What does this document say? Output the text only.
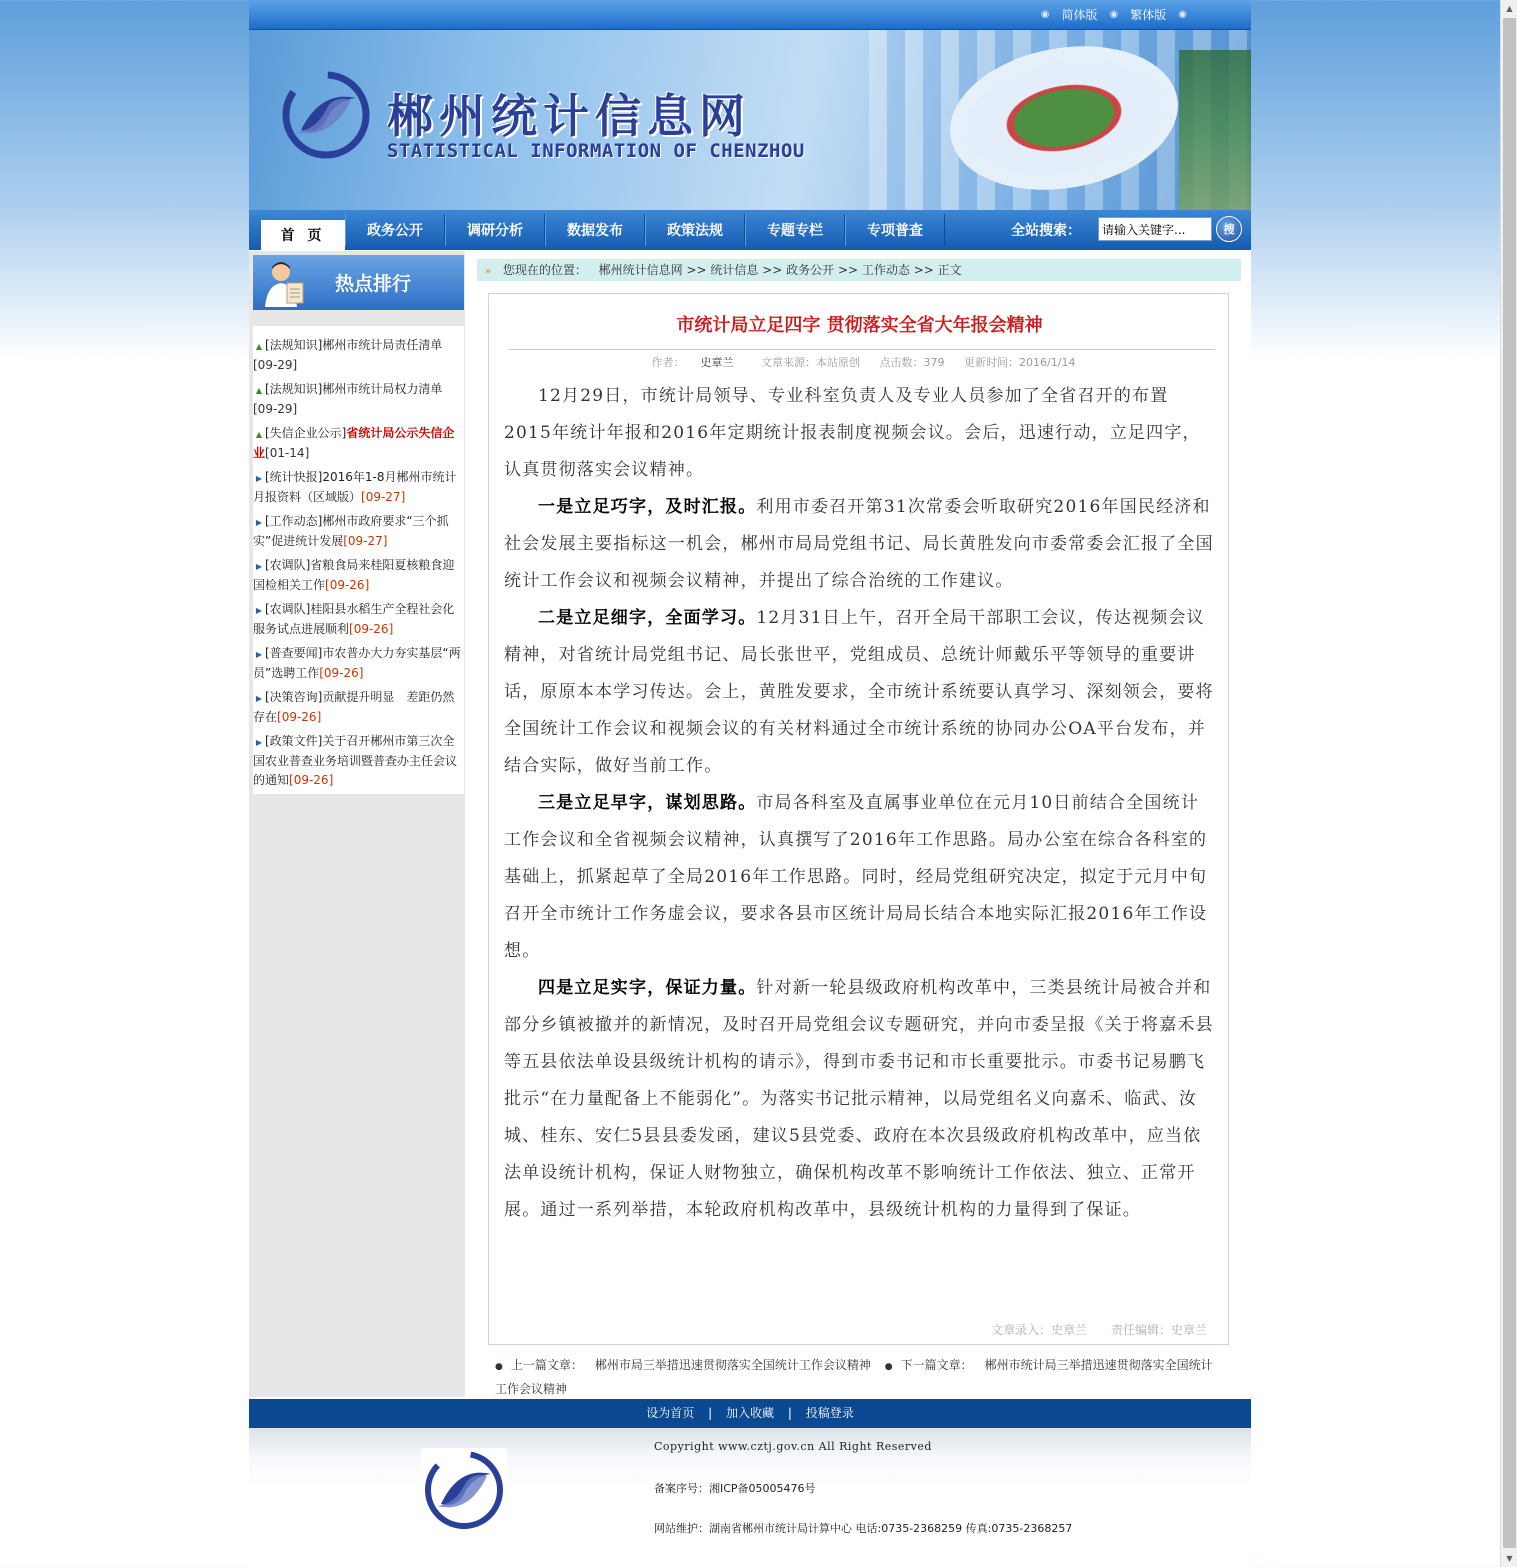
▲
▼
◉ 简体版 ◉ 繁体版 ◉
郴州统计信息网
STATISTICAL INFORMATION OF CHENZHOU
首 页	政务公开	调研分析	数据发布	政策法规	专题专栏	专项普查	全站搜索：
请输入关键字...	搜
热点排行
▲ [法规知识]郴州市统计局责任清单
[09-29]
▲ [法规知识]郴州市统计局权力清单
[09-29]
▲ [失信企业公示]省统计局公示失信企业[01-14]
▶ [统计快报]2016年1-8月郴州市统计月报资料（区域版）[09-27]
▶ [工作动态]郴州市政府要求“三个抓实”促进统计发展[09-27]
▶ [农调队]省粮食局来桂阳夏核粮食迎国检相关工作[09-26]
▶ [农调队]桂阳县水稻生产全程社会化服务试点进展顺利[09-26]
▶ [普查要闻]市农普办大力夯实基层“两员”选聘工作[09-26]
▶ [决策咨询]贡献提升明显　差距仍然存在[09-26]
▶ [政策文件]关于召开郴州市第三次全国农业普查业务培训暨普查办主任会议的通知[09-26]
» 您现在的位置： 郴州统计信息网 >> 统计信息 >> 政务公开 >> 工作动态 >> 正文
市统计局立足四字 贯彻落实全省大年报会精神
作者： 史章兰	文章来源：本站原创 点击数：379 更新时间：2016/1/14

12月29日，市统计局领导、专业科室负责人及专业人员参加了全省召开的布置2015年统计年报和2016年定期统计报表制度视频会议。会后，迅速行动，立足四字，认真贯彻落实会议精神。

一是立足巧字，及时汇报。利用市委召开第31次常委会听取研究2016年国民经济和社会发展主要指标这一机会，郴州市局局党组书记、局长黄胜发向市委常委会汇报了全国统计工作会议和视频会议精神，并提出了综合治统的工作建议。

二是立足细字，全面学习。12月31日上午，召开全局干部职工会议，传达视频会议精神，对省统计局党组书记、局长张世平，党组成员、总统计师戴乐平等领导的重要讲话，原原本本学习传达。会上，黄胜发要求，全市统计系统要认真学习、深刻领会，要将全国统计工作会议和视频会议的有关材料通过全市统计系统的协同办公OA平台发布，并结合实际，做好当前工作。

三是立足早字，谋划思路。市局各科室及直属事业单位在元月10日前结合全国统计工作会议和全省视频会议精神，认真撰写了2016年工作思路。局办公室在综合各科室的基础上，抓紧起草了全局2016年工作思路。同时，经局党组研究决定，拟定于元月中旬召开全市统计工作务虚会议，要求各县市区统计局局长结合本地实际汇报2016年工作设想。

四是立足实字，保证力量。针对新一轮县级政府机构改革中，三类县统计局被合并和部分乡镇被撤并的新情况，及时召开局党组会议专题研究，并向市委呈报《关于将嘉禾县等五县依法单设县级统计机构的请示》，得到市委书记和市长重要批示。市委书记易鹏飞批示“在力量配备上不能弱化”。为落实书记批示精神，以局党组名义向嘉禾、临武、汝城、桂东、安仁5县县委发函，建议5县党委、政府在本次县级政府机构改革中，应当依法单设统计机构，保证人财物独立，确保机构改革不影响统计工作依法、独立、正常开展。通过一系列举措，本轮政府机构改革中，县级统计机构的力量得到了保证。

文章录入：史章兰 责任编辑：史章兰
● 上一篇文章： 郴州市局三举措迅速贯彻落实全国统计工作会议精神 ● 下一篇文章： 郴州市统计局三举措迅速贯彻落实全国统计工作会议精神
设为首页 | 加入收藏 | 投稿登录
Copyright www.cztj.gov.cn All Right Reserved
备案序号：湘ICP备05005476号
网站维护：湖南省郴州市统计局计算中心 电话:0735-2368259 传真:0735-2368257
